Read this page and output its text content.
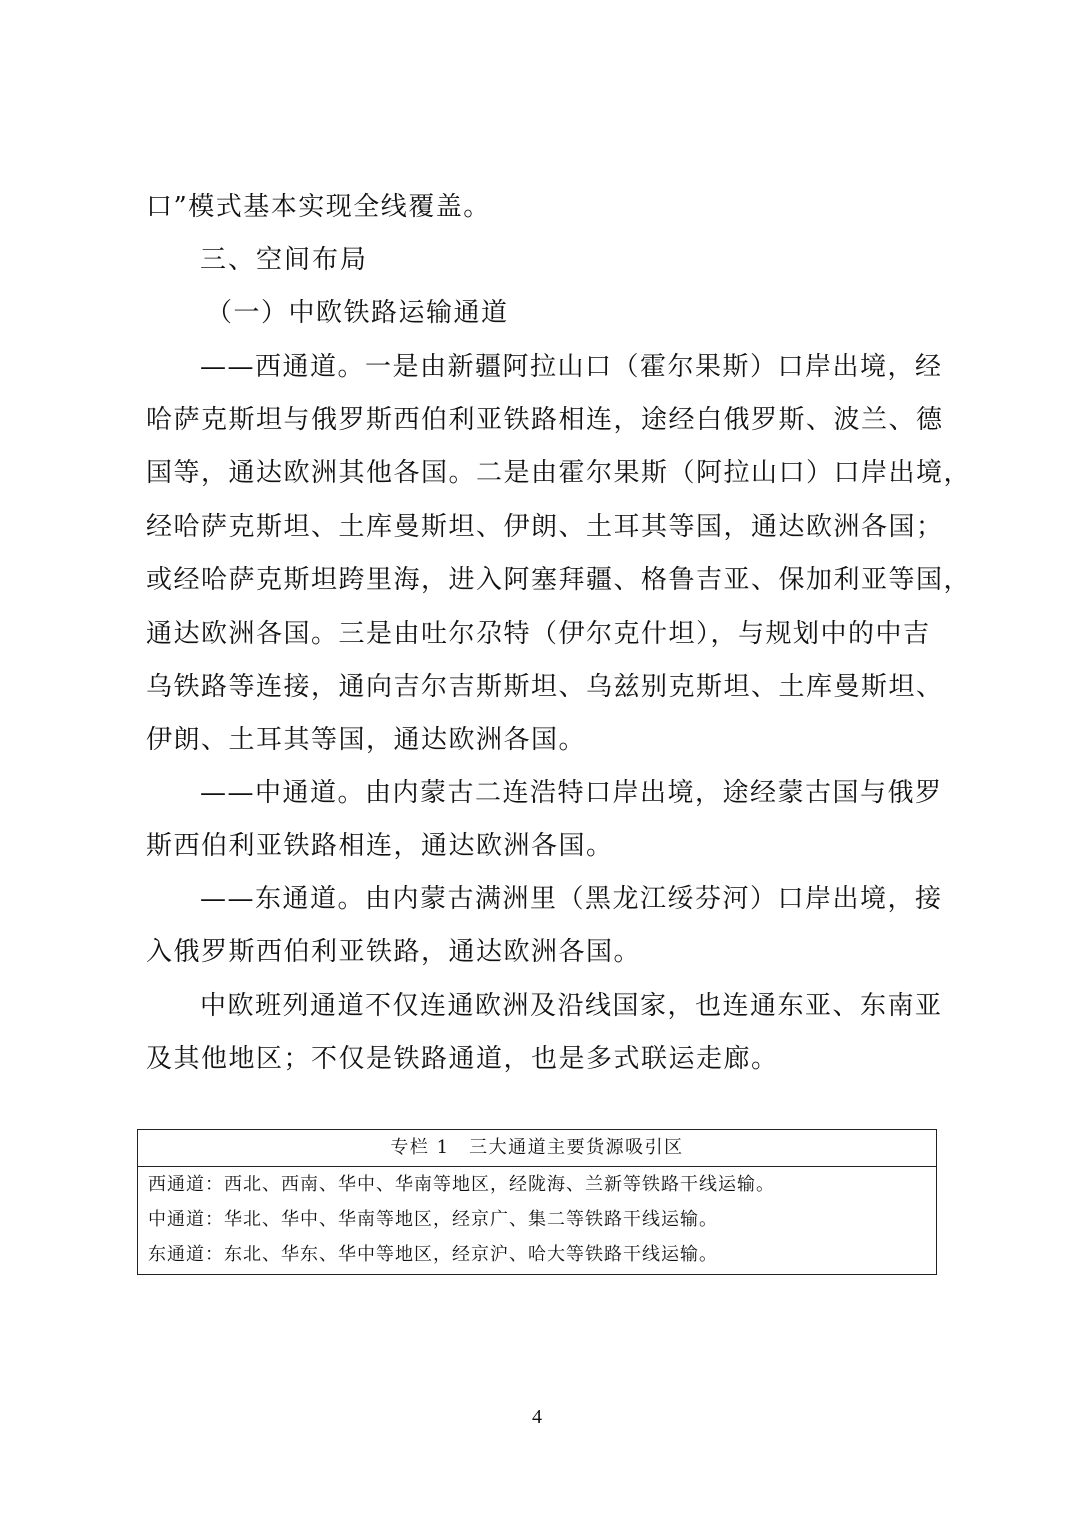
口”模式基本实现全线覆盖。
三、空间布局
（一）中欧铁路运输通道
——西通道。一是由新疆阿拉山口（霍尔果斯）口岸出境，经
哈萨克斯坦与俄罗斯西伯利亚铁路相连，途经白俄罗斯、波兰、德
国等，通达欧洲其他各国。二是由霍尔果斯（阿拉山口）口岸出境，
经哈萨克斯坦、土库曼斯坦、伊朗、土耳其等国，通达欧洲各国；
或经哈萨克斯坦跨里海，进入阿塞拜疆、格鲁吉亚、保加利亚等国，
通达欧洲各国。三是由吐尔尕特（伊尔克什坦），与规划中的中吉
乌铁路等连接，通向吉尔吉斯斯坦、乌兹别克斯坦、土库曼斯坦、
伊朗、土耳其等国，通达欧洲各国。
——中通道。由内蒙古二连浩特口岸出境，途经蒙古国与俄罗
斯西伯利亚铁路相连，通达欧洲各国。
——东通道。由内蒙古满洲里（黑龙江绥芬河）口岸出境，接
入俄罗斯西伯利亚铁路，通达欧洲各国。
中欧班列通道不仅连通欧洲及沿线国家，也连通东亚、东南亚
及其他地区；不仅是铁路通道，也是多式联运走廊。
专栏 1　三大通道主要货源吸引区
西通道：西北、西南、华中、华南等地区，经陇海、兰新等铁路干线运输。
中通道：华北、华中、华南等地区，经京广、集二等铁路干线运输。
东通道：东北、华东、华中等地区，经京沪、哈大等铁路干线运输。
4
